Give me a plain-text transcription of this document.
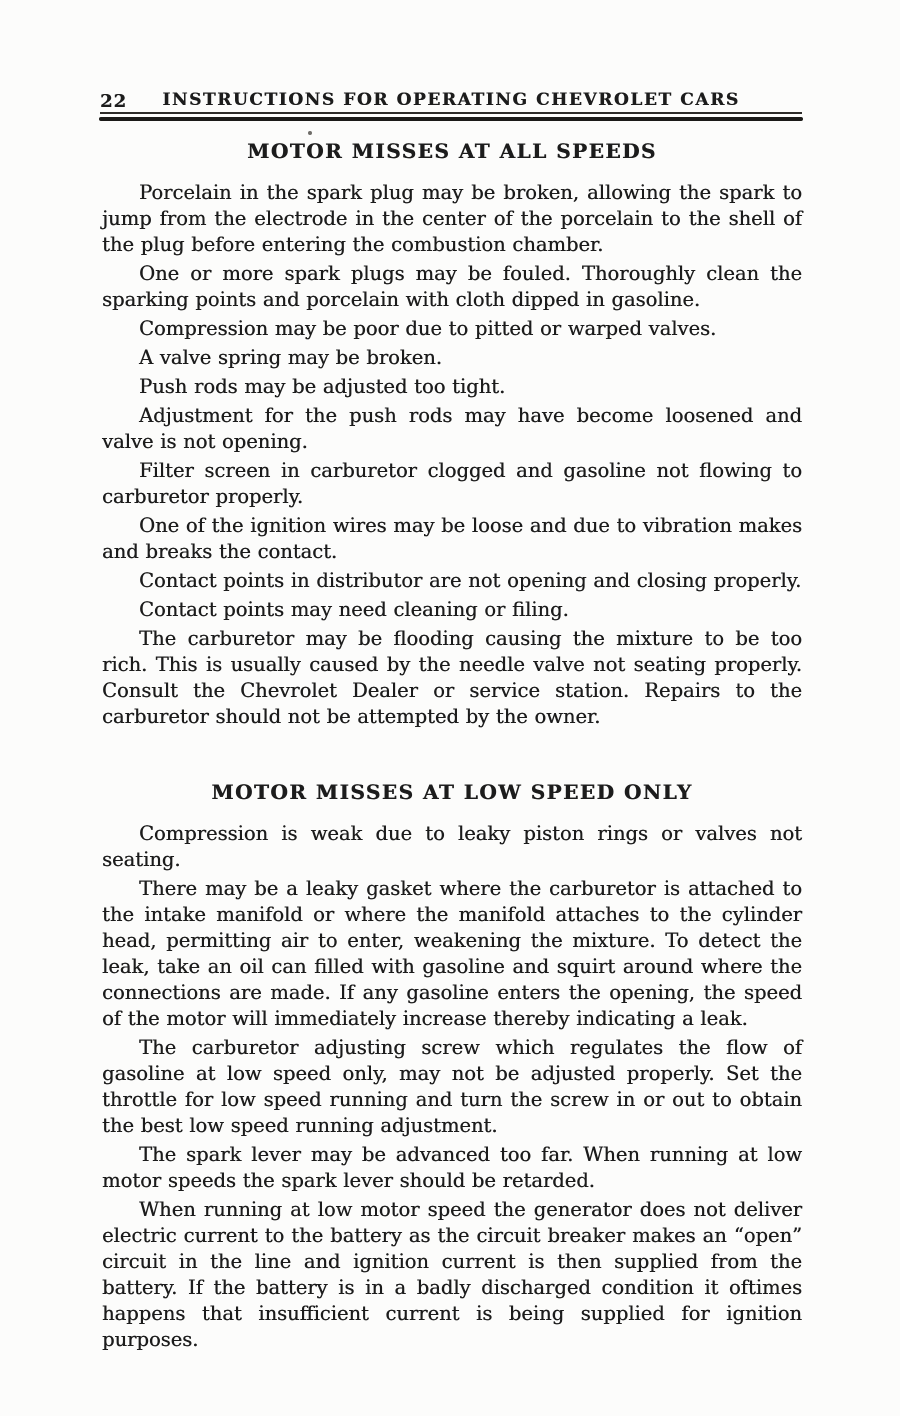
22	INSTRUCTIONS FOR OPERATING CHEVROLET CARS
MOTOR MISSES AT ALL SPEEDS

Porcelain in the spark plug may be broken, allowing the spark to jump from the electrode in the center of the porcelain to the shell of the plug before entering the combustion chamber.

One or more spark plugs may be fouled. Thoroughly clean the sparking points and porcelain with cloth dipped in gasoline.

Compression may be poor due to pitted or warped valves.

A valve spring may be broken.

Push rods may be adjusted too tight.

Adjustment for the push rods may have become loosened and valve is not opening.

Filter screen in carburetor clogged and gasoline not flowing to carburetor properly.

One of the ignition wires may be loose and due to vibration makes and breaks the contact.

Contact points in distributor are not opening and closing properly.

Contact points may need cleaning or filing.

The carburetor may be flooding causing the mixture to be too rich. This is usually caused by the needle valve not seating properly. Consult the Chevrolet Dealer or service station. Repairs to the carburetor should not be attempted by the owner.

MOTOR MISSES AT LOW SPEED ONLY

Compression is weak due to leaky piston rings or valves not seating.

There may be a leaky gasket where the carburetor is attached to the intake manifold or where the manifold attaches to the cylinder head, permitting air to enter, weakening the mixture. To detect the leak, take an oil can filled with gasoline and squirt around where the connections are made. If any gasoline enters the opening, the speed of the motor will immediately increase thereby indicating a leak.

The carburetor adjusting screw which regulates the flow of gasoline at low speed only, may not be adjusted properly. Set the throttle for low speed running and turn the screw in or out to obtain the best low speed running adjustment.

The spark lever may be advanced too far. When running at low motor speeds the spark lever should be retarded.

When running at low motor speed the generator does not deliver electric current to the battery as the circuit breaker makes an “open” circuit in the line and ignition current is then supplied from the battery. If the battery is in a badly discharged condition it oftimes happens that insufficient current is being supplied for ignition purposes.
